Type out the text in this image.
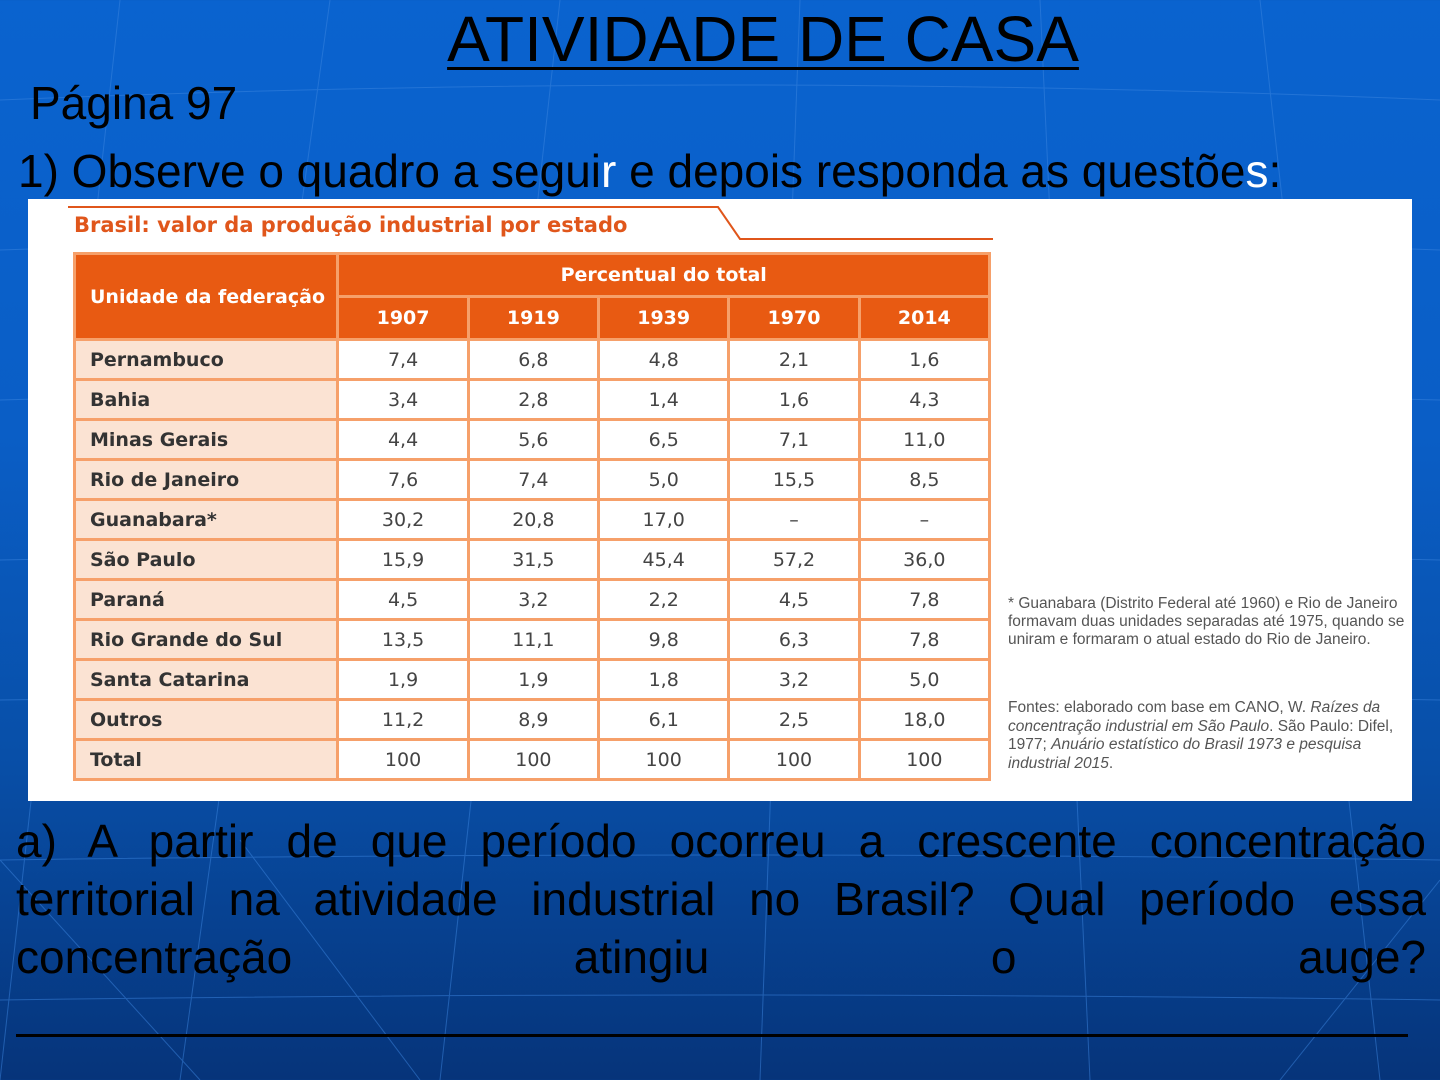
ATIVIDADE DE CASA
Página 97
1) Observe o quadro a seguir e depois responda as questões:
Brasil: valor da produção industrial por estado
Unidade da federação	Percentual do total				
	1907	1919	1939	1970	2014
Pernambuco	7,4	6,8	4,8	2,1	1,6
Bahia	3,4	2,8	1,4	1,6	4,3
Minas Gerais	4,4	5,6	6,5	7,1	11,0
Rio de Janeiro	7,6	7,4	5,0	15,5	8,5
Guanabara*	30,2	20,8	17,0	–	–
São Paulo	15,9	31,5	45,4	57,2	36,0
Paraná	4,5	3,2	2,2	4,5	7,8
Rio Grande do Sul	13,5	11,1	9,8	6,3	7,8
Santa Catarina	1,9	1,9	1,8	3,2	5,0
Outros	11,2	8,9	6,1	2,5	18,0
Total	100	100	100	100	100
* Guanabara (Distrito Federal até 1960) e Rio de Janeiro formavam duas unidades separadas até 1975, quando se uniram e formaram o atual estado do Rio de Janeiro.
Fontes: elaborado com base em CANO, W. Raízes da concentração industrial em São Paulo. São Paulo: Difel, 1977; Anuário estatístico do Brasil 1973 e pesquisa industrial 2015.
a) A partir de que período ocorreu a crescente concentração territorial na atividade industrial no Brasil? Qual período essa concentração atingiu o auge?
